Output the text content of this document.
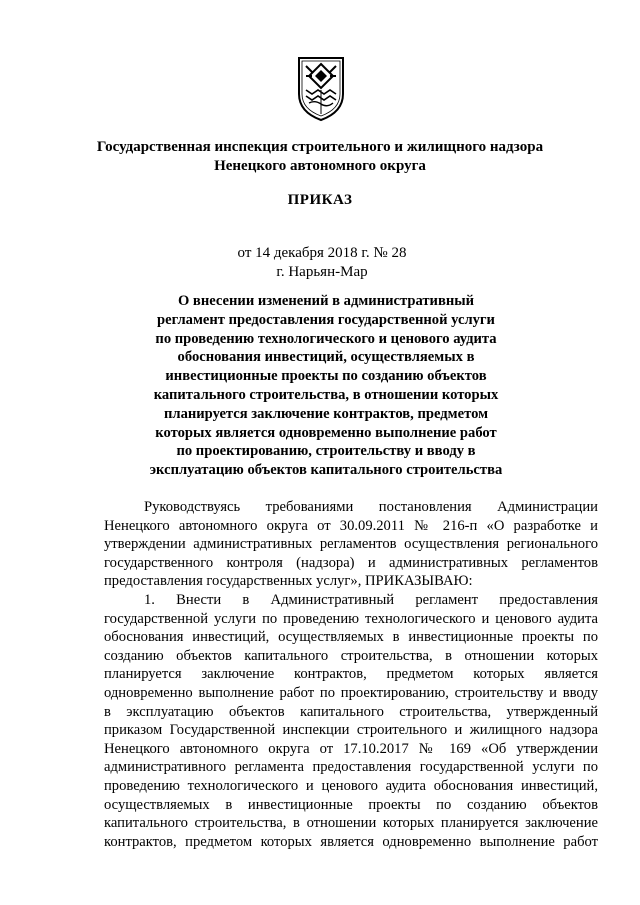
Государственная инспекция строительного и жилищного надзора
Ненецкого автономного округа
ПРИКАЗ
от 14 декабря 2018 г. № 28
г. Нарьян-Мар
О внесении изменений в административный
регламент предоставления государственной услуги
по проведению технологического и ценового аудита
обоснования инвестиций, осуществляемых в
инвестиционные проекты по созданию объектов
капитального строительства, в отношении которых
планируется заключение контрактов, предметом
которых является одновременно выполнение работ
по проектированию, строительству и вводу в
эксплуатацию объектов капитального строительства
Руководствуясь требованиями постановления Администрации
Ненецкого автономного округа от 30.09.2011 № 216-п «О разработке и
утверждении административных регламентов осуществления регионального
государственного контроля (надзора) и административных регламентов
предоставления государственных услуг», ПРИКАЗЫВАЮ:
1. Внести в Административный регламент предоставления
государственной услуги по проведению технологического и ценового аудита
обоснования инвестиций, осуществляемых в инвестиционные проекты по
созданию объектов капитального строительства, в отношении которых
планируется заключение контрактов, предметом которых является
одновременно выполнение работ по проектированию, строительству и вводу
в эксплуатацию объектов капитального строительства, утвержденный
приказом Государственной инспекции строительного и жилищного надзора
Ненецкого автономного округа от 17.10.2017 № 169 «Об утверждении
административного регламента предоставления государственной услуги по
проведению технологического и ценового аудита обоснования инвестиций,
осуществляемых в инвестиционные проекты по созданию объектов
капитального строительства, в отношении которых планируется заключение
контрактов, предметом которых является одновременно выполнение работ
